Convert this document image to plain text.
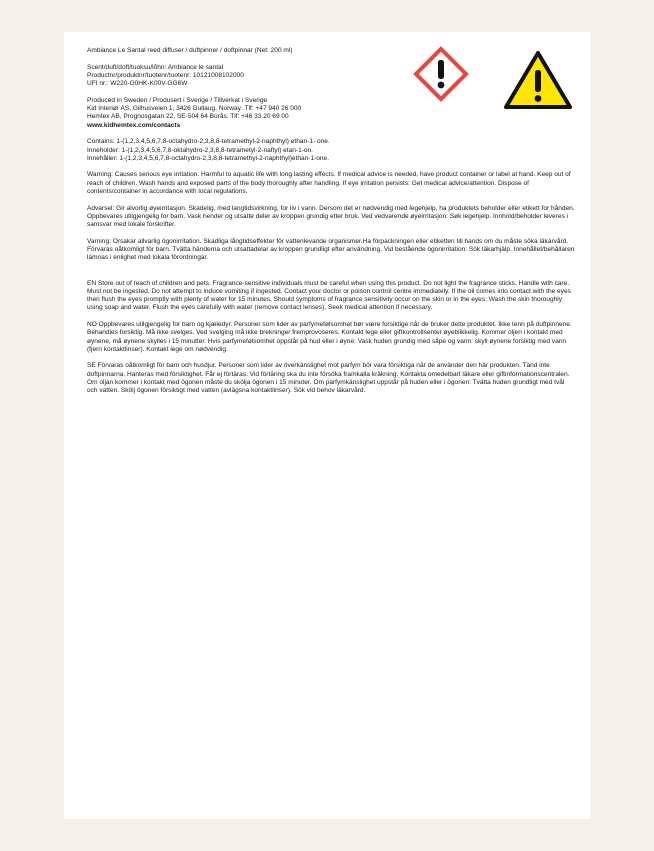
Ambiance Le Santal reed diffuser / duftpinner / doftpinnar (Net: 200 ml)

Scent/duft/doft/tuoksu/lõhn: Ambiance le santal

Productnr/produktnr/tuotenr/tootenr: 10121008102000

UFI nr.: W220-G0HK-K00V-GG6W

Produced in Sweden / Produsert i Sverige / Tillverkat i Sverige

Kid Interiør AS, Gilhusveien 1, 3426 Gullaug, Norway .Tlf: +47 940 26 000

Hemtex AB, Prognosgatan 22, SE-504 64 Borås. Tlf: +46 33 20 69 00

www.kidhemtex.com/contacts

Contains: 1-(1,2,3,4,5,6,7,8-octahydro-2,3,8,8-tetramethyl-2-naphthyl) ethan-1- one.

Inneholder: 1-(1,2,3,4,5,6,7,8-oktahydro-2,3,8,8-tetrametyl-2-naftyl) etan-1-on.

Innehåller: 1-(1,2,3,4,5,6,7,8-octahydro-2,3,8,8-tetramethyl-2-naphthyl)ethan-1-one.

Warning: Causes serious eye irritation. Harmful to aquatic life with long lasting effects. If medical advice is needed, have product container or label at hand. Keep out of reach of children. Wash hands and exposed parts of the body thoroughly after handling. If eye irritation persists: Get medical advice/attention. Dispose of contents/container in accordance with local regulations.

Advarsel: Gir alvorlig øyeirritasjon. Skadelig, med langtidsvirkning, for liv i vann. Dersom det er nødvendig med legehjelp, ha produktets beholder eller etikett for hånden. Oppbevares utilgjengelig for barn. Vask hender og utsatte deler av kroppen grundig etter bruk. Ved vedvarende øyeirritasjon: Søk legehjelp. Innhold/beholder leveres i samsvar med lokale forskrifter.

Varning: Orsakar allvarlig ögonirritation. Skadliga långtidseffekter för vattenlevande organismer.Ha förpackningen eller etiketten till hands om du måste söka läkarvård. Förvaras oåtkomligt för barn. Tvätta händerna och utsattadelar av kroppen grundligt efter användning. Vid bestående ögonirritation: Sök läkarhjälp. Innehållet/behållaren lämnas i enlighet med lokala förordningar.

EN Store out of reach of children and pets. Fragrance-sensitive individuals must be careful when using this product. Do not light the fragrance sticks. Handle with care. Must not be ingested. Do not attempt to induce vomiting if ingested. Contact your doctor or poison control centre immediately. If the oil comes into contact with the eyes then flush the eyes promptly with plenty of water for 15 minutes. Should symptoms of fragrance sensitivity occur on the skin or in the eyes: Wash the skin thoroughly using soap and water. Flush the eyes carefully with water (remove contact lenses). Seek medical attention if necessary.

NO Oppbevares utilgjengelig for barn og kjæledyr. Personer som lider av parfymefølsomhet bør være forsiktige når de bruker dette produktet. Ikke tenn på duftpinnene. Behandles forsiktig. Må ikke svelges. Ved svelging må ikke brekninger fremprovoseres. Kontakt lege eller giftkontrollsenter øyeblikkelig. Kommer oljen i kontakt med øynene, må øynene skylles i 15 minutter. Hvis parfymefølsomhet oppstår på hud eller i øyne: Vask huden grundig med såpe og vann: skyll øynene forsiktig med vann (fjern kontaktlinser). Kontakt lege om nødvendig.

SE Förvaras oåtkomligt för barn och husdjur. Personer som lider av överkänslighet mot parfym bör vara försiktiga när de använder den här produkten. Tänd inte doftpinnarna. Hanteras med försiktighet. Får ej förtäras. Vid förtäring ska du inte försöka framkalla kräkning. Kontakta omedelbart läkare eller giftinformationscentralen. Om oljan kommer i kontakt med ögonen måste du skölja ögonen i 15 minuter. Om parfymkänslighet uppstår på huden eller i ögonen: Tvätta huden grundligt med tvål och vatten. Skölj ögonen försiktigt med vatten (avlägsna kontaktlinser). Sök vid behov läkarvård.
